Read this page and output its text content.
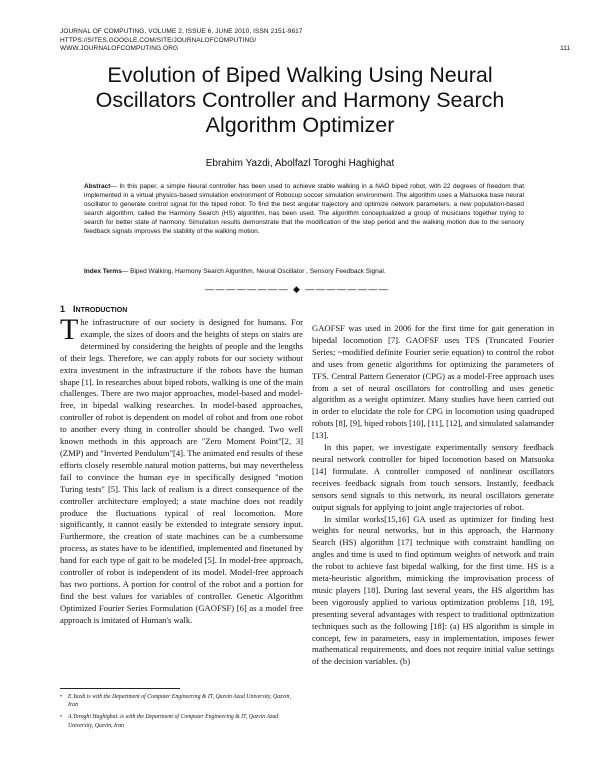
JOURNAL OF COMPUTING, VOLUME 2, ISSUE 6, JUNE 2010, ISSN 2151-9617
HTTPS://SITES.GOOGLE.COM/SITE/JOURNALOFCOMPUTING/
WWW.JOURNALOFCOMPUTING.ORG	111
Evolution of Biped Walking Using Neural
Oscillators Controller and Harmony Search
Algorithm Optimizer
Ebrahim Yazdi, Abolfazl Toroghi Haghighat

Abstract— In this paper, a simple Neural controller has been used to achieve stable walking in a NAO biped robot, with 22 degrees of freedom that implemented in a virtual physics-based simulation environment of Robocup soccer simulation environment. The algorithm uses a Matsuoka base neural oscillator to generate control signal for the biped robot. To find the best angular trajectory and optimize network parameters, a new population-based search algorithm, called the Harmony Search (HS) algorithm, has been used. The algorithm conceptualized a group of musicians together trying to search for better state of harmony. Simulation results demonstrate that the modification of the step period and the walking motion due to the sensory feedback signals improves the stability of the walking motion.

Index Terms— Biped Walking, Harmony Search Algorithm, Neural Oscillator , Sensory Feedback Signal.

———————— ◆ ————————
1 INTRODUCTION

The infrastructure of our society is designed for humans. For example, the sizes of doors and the heights of steps on stairs are determined by considering the heights of people and the lengths of their legs. Therefore, we can apply robots for our society without extra investment in the infrastructure if the robots have the human shape [1]. In researches about biped robots, walking is one of the main challenges. There are two major approaches, model-based and model-free, in bipedal walking researches. In model-based approaches, controller of robot is dependent on model of robot and from one robot to another every thing in controller should be changed. Two well known methods in this approach are "Zero Moment Point"[2, 3] (ZMP) and "Inverted Pendulum"[4]. The animated end results of these efforts closely resemble natural motion patterns, but may nevertheless fail to convince the human eye in specifically designed "motion Turing tests" [5]. This lack of realism is a direct consequence of the controller architecture employed; a state machine does not readily produce the fluctuations typical of real locomotion. More significantly, it cannot easily be extended to integrate sensory input. Furthermore, the creation of state machines can be a cumbersome process, as states have to be identified, implemented and finetuned by hand for each type of gait to be modeled [5]. In model-free approach, controller of robot is independent of its model. Model-free approach has two portions. A portion for control of the robot and a portion for find the best values for variables of controller. Genetic Algorithm Optimized Fourier Series Formulation (GAOFSF) [6] as a model free approach is imitated of Human's walk.

GAOFSF was used in 2006 for the first time for gait generation in bipedal locomotion [7]. GAOFSF uses TFS (Truncated Fourier Series; ~modified definite Fourier serie equation) to control the robot and uses from genetic algorithms for optimizing the parameters of TFS. Central Pattern Generator (CPG) as a model-Free approach uses from a set of neural oscillators for controlling and uses genetic algorithm as a weight optimizer. Many studies have been carried out in order to elucidate the role for CPG in locomotion using quadruped robots [8], [9], biped robots [10], [11], [12], and simulated salamander [13].

In this paper, we investigate experimentally sensory feedback neural network controller for biped locomotion based on Matsuoka [14] formulate. A controller composed of nonlinear oscillators receives feedback signals from touch sensors. Instantly, feedback sensors send signals to this network, its neural oscillators generate output signals for applying to joint angle trajectories of robot.

In similar works[15,16] GA used as optimizer for finding best weights for neural networks, but in this approach, the Harmony Search (HS) algorithm [17] technique with constraint handling on angles and time is used to find optimum weights of network and train the robot to achieve fast bipedal walking, for the first time. HS is a meta-heuristic algorithm, mimicking the improvisation process of music players [18]. During last several years, the HS algorithm has been vigorously applied to various optimization problems [18, 19], presenting several advantages with respect to traditional optimization techniques such as the following [18]: (a) HS algorithm is simple in concept, few in parameters, easy in implementation, imposes fewer mathematical requirements, and does not require initial value settings of the decision variables. (b)

• E.Yazdi is with the Department of Computer Engineering & IT, Qazvin Azad University, Qazvin, Iran
• A.Toroghi Haghighat. is with the Department of Computer Engineering & IT, Qazvin Azad University, Qazvin, Iran
